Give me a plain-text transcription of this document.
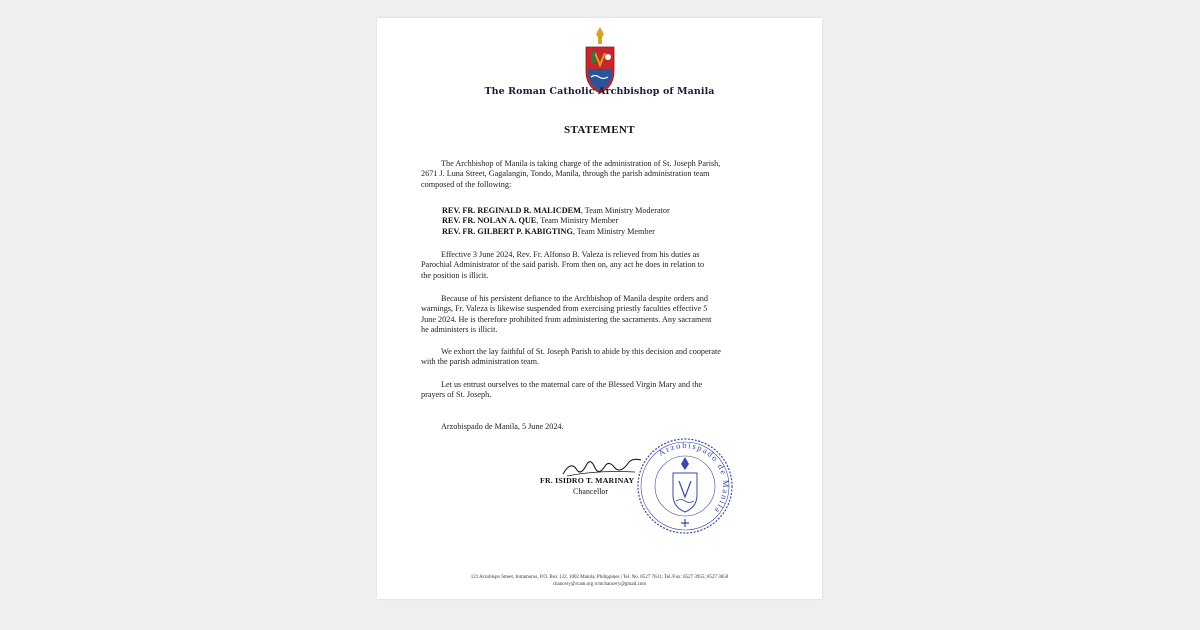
The Roman Catholic Archbishop of Manila
STATEMENT
The Archbishop of Manila is taking charge of the administration of St. Joseph Parish,
2671 J. Luna Street, Gagalangin, Tondo, Manila, through the parish administration team
composed of the following:
REV. FR. REGINALD R. MALICDEM, Team Ministry Moderator
REV. FR. NOLAN A. QUE, Team Ministry Member
REV. FR. GILBERT P. KABIGTING, Team Ministry Member
Effective 3 June 2024, Rev. Fr. Alfonso B. Valeza is relieved from his duties as
Parochial Administrator of the said parish. From then on, any act he does in relation to
the position is illicit.
Because of his persistent defiance to the Archbishop of Manila despite orders and
warnings, Fr. Valeza is likewise suspended from exercising priestly faculties effective 5
June 2024. He is therefore prohibited from administering the sacraments. Any sacrament
he administers is illicit.
We exhort the lay faithful of St. Joseph Parish to abide by this decision and cooperate
with the parish administration team.
Let us entrust ourselves to the maternal care of the Blessed Virgin Mary and the
prayers of St. Joseph.
Arzobispado de Manila, 5 June 2024.
FR. ISIDRO T. MARINAY
Chancellor
Arzobispado de Manila
121 Arzobispo Street, Intramuros, P.O. Box 132, 1002 Manila, Philippines | Tel. No. 8527 7631; Tel./Fax: 8527 3955; 8527 3850
chancery@rcam.org rcmchancery@gmail.com
